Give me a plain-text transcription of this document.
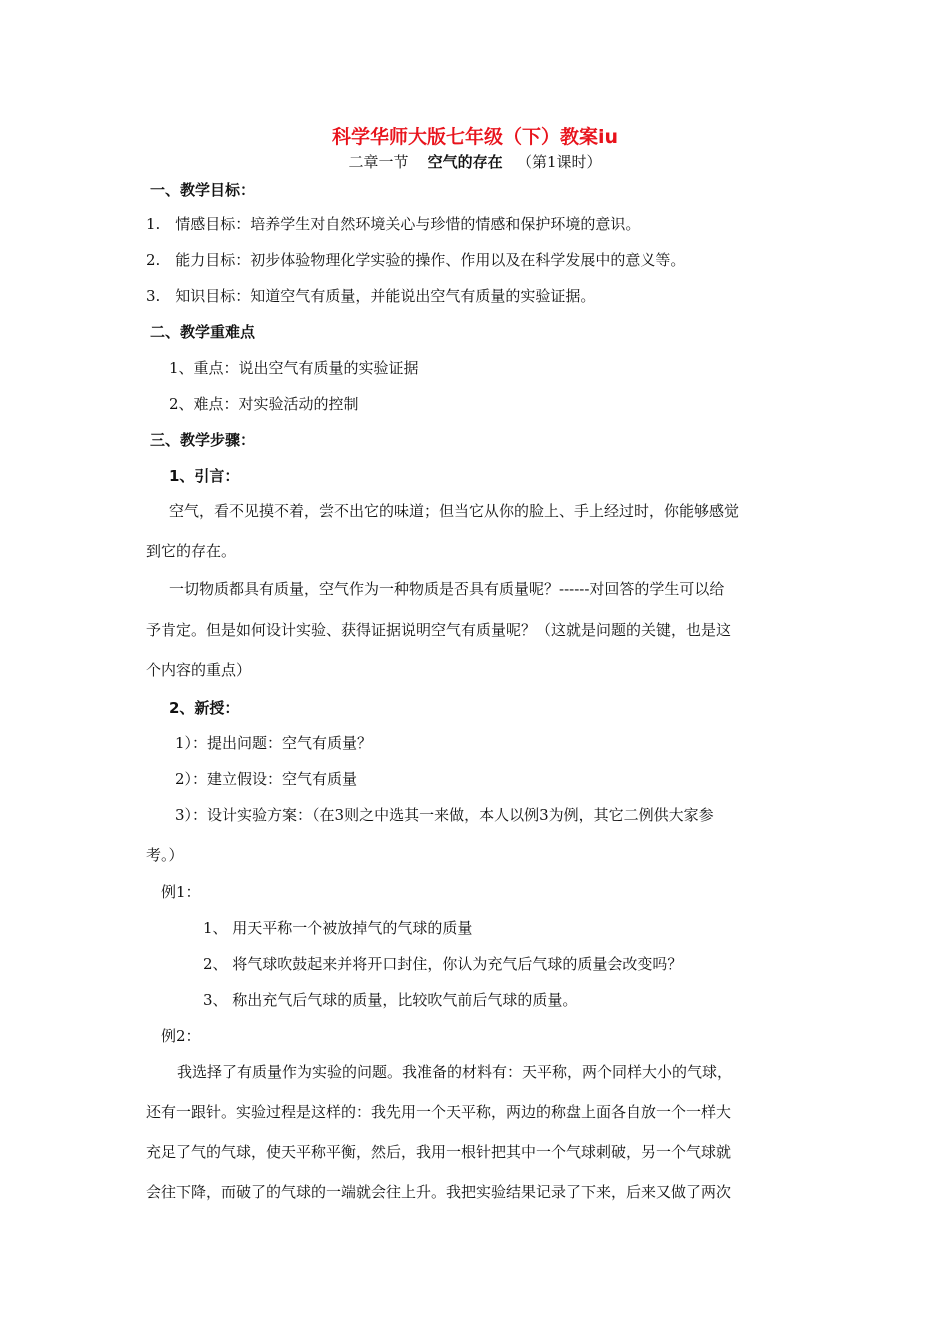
科学华师大版七年级（下）教案iu
二章一节 空气的存在 （第1课时）
一、教学目标：
1.　情感目标：培养学生对自然环境关心与珍惜的情感和保护环境的意识。
2.　能力目标：初步体验物理化学实验的操作、作用以及在科学发展中的意义等。
3.　知识目标：知道空气有质量，并能说出空气有质量的实验证据。
二、教学重难点
1、重点：说出空气有质量的实验证据
2、难点：对实验活动的控制
三、教学步骤：
1、引言：
空气，看不见摸不着，尝不出它的味道；但当它从你的脸上、手上经过时，你能够感觉
到它的存在。
一切物质都具有质量，空气作为一种物质是否具有质量呢？------对回答的学生可以给
予肯定。但是如何设计实验、获得证据说明空气有质量呢？（这就是问题的关键，也是这
个内容的重点）
2、新授：
1）：提出问题：空气有质量？
2）：建立假设：空气有质量
3）：设计实验方案：（在3则之中选其一来做，本人以例3为例，其它二例供大家参
考。）
例1：
1、 用天平称一个被放掉气的气球的质量
2、 将气球吹鼓起来并将开口封住，你认为充气后气球的质量会改变吗？
3、 称出充气后气球的质量，比较吹气前后气球的质量。
例2：
我选择了有质量作为实验的问题。我准备的材料有：天平称，两个同样大小的气球，
还有一跟针。实验过程是这样的：我先用一个天平称，两边的称盘上面各自放一个一样大
充足了气的气球，使天平称平衡，然后，我用一根针把其中一个气球刺破，另一个气球就
会往下降，而破了的气球的一端就会往上升。我把实验结果记录了下来，后来又做了两次
